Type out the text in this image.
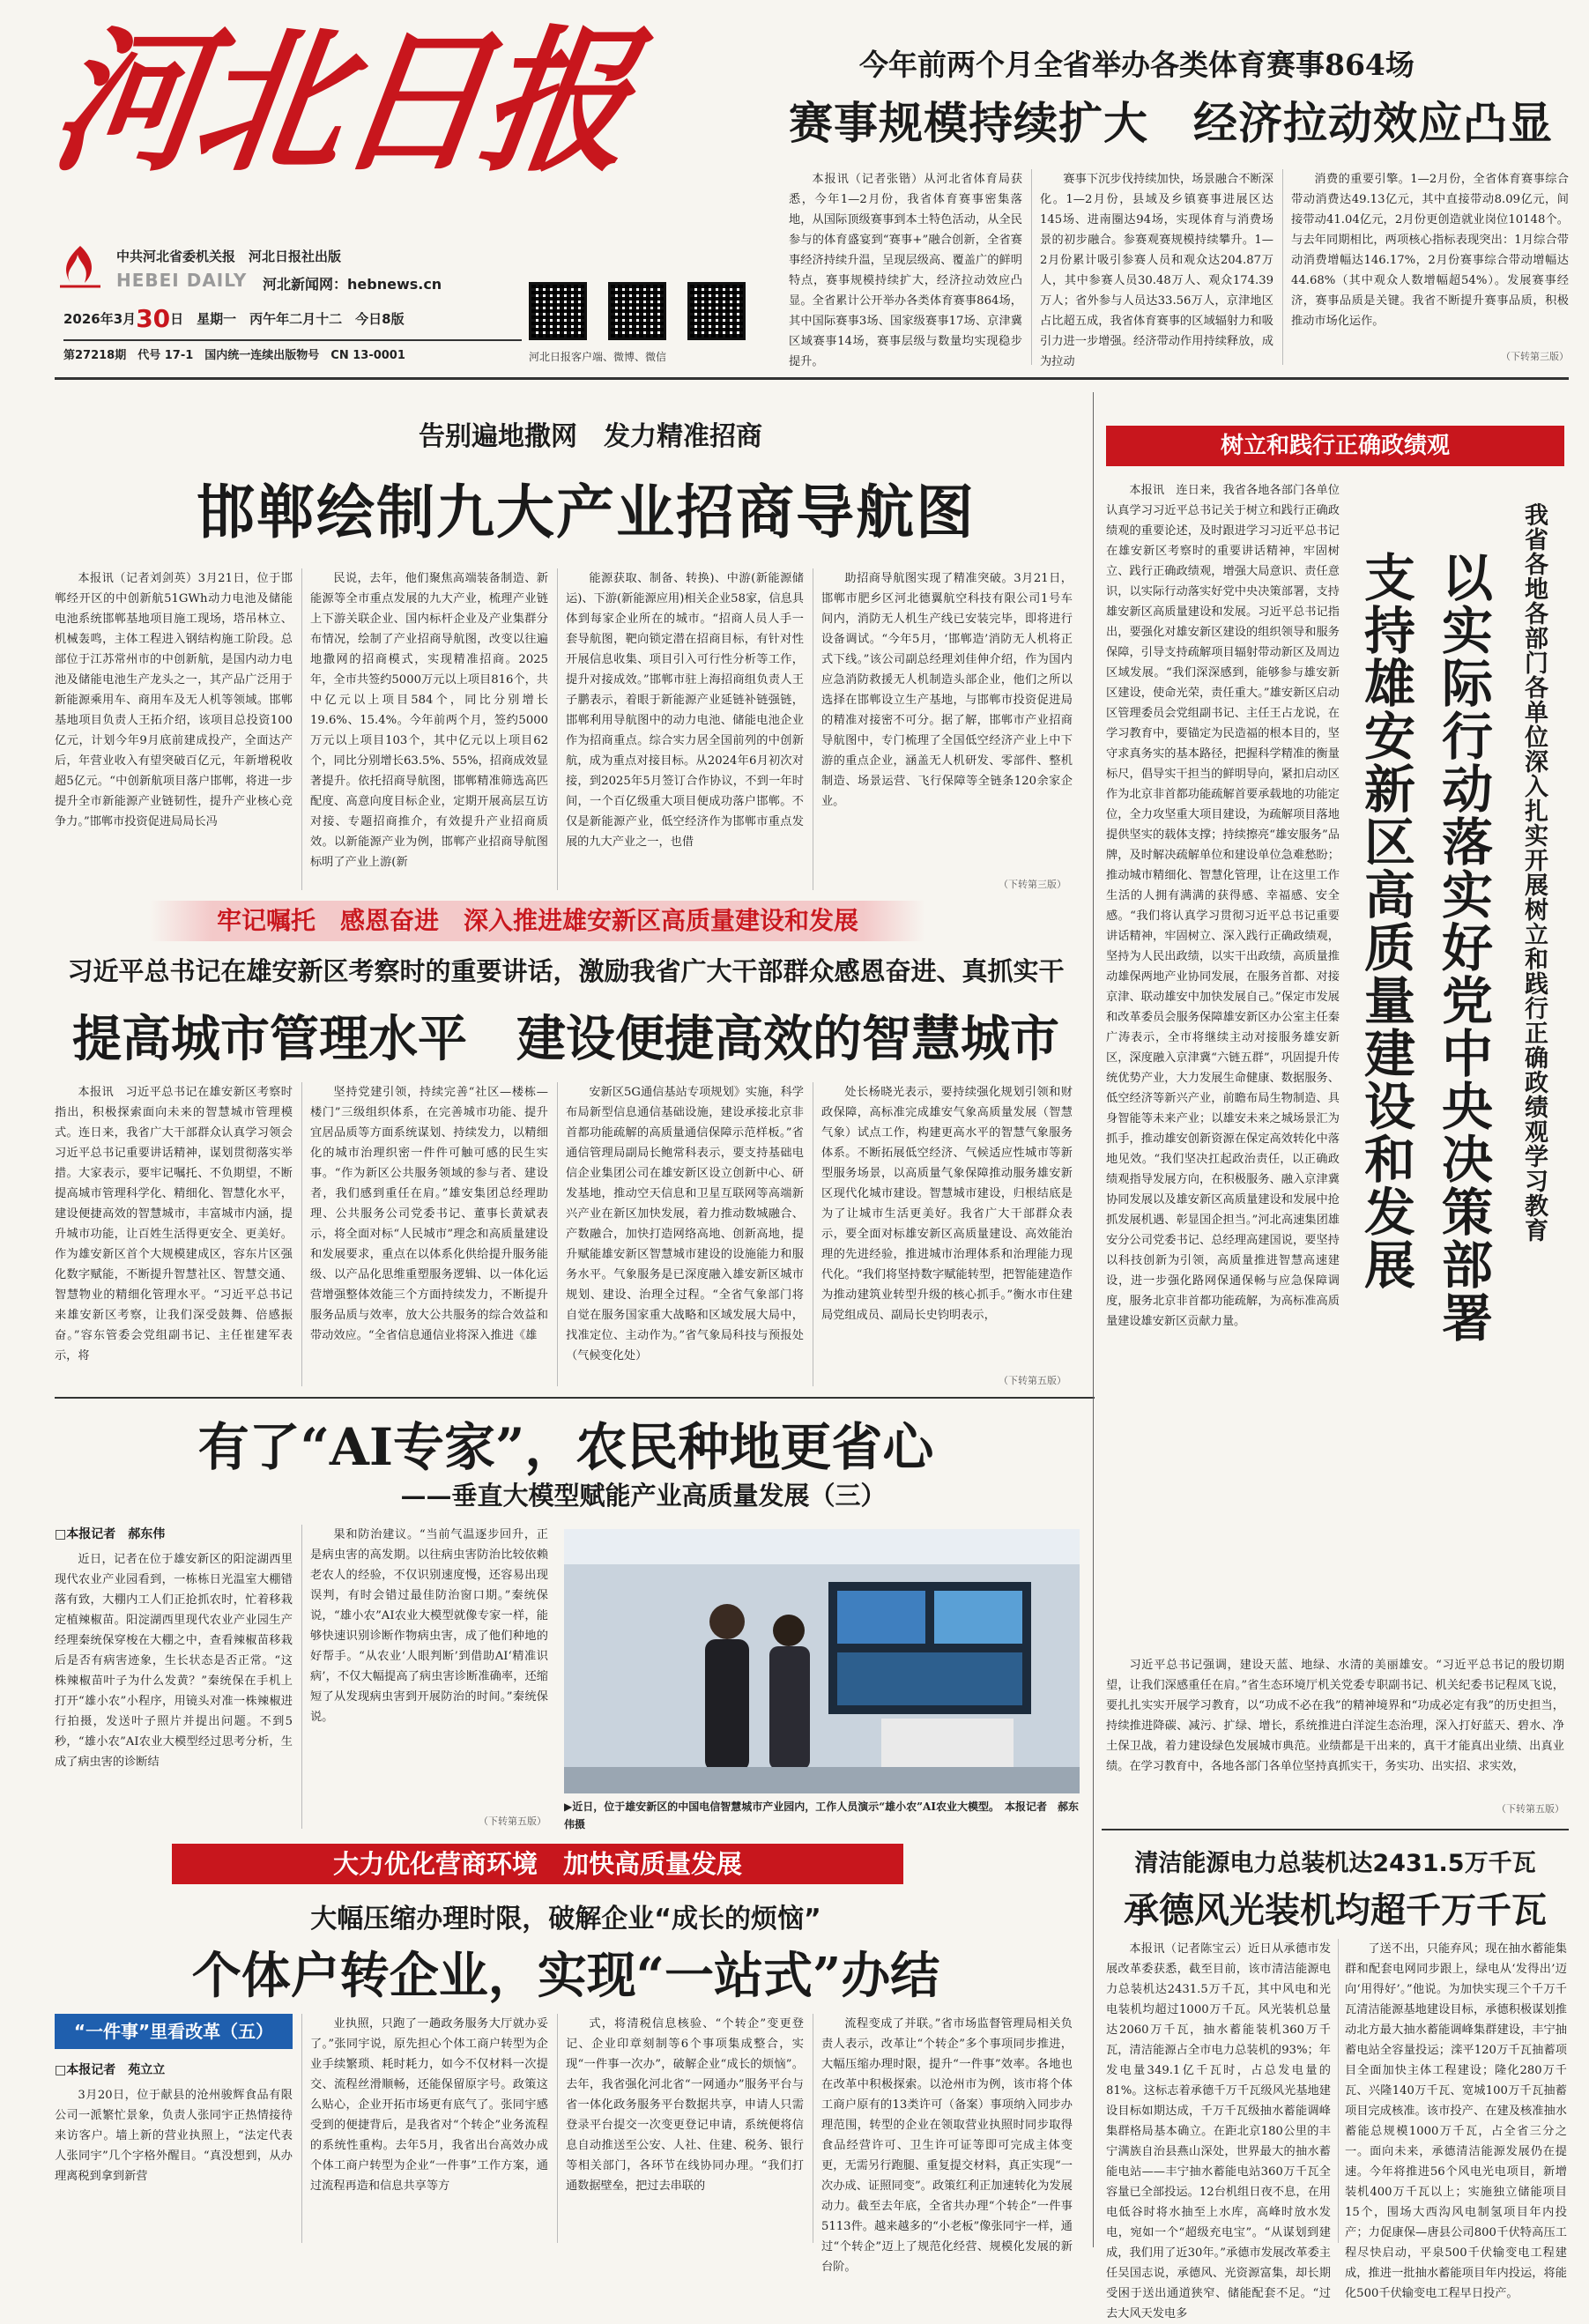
河北日报
中共河北省委机关报　河北日报社出版
HEBEI DAILY	河北新闻网：hebnews.cn
2026年3月30日　星期一　丙午年二月十二　今日8版
第27218期　代号 17-1　国内统一连续出版物号　CN 13-0001	河北日报客户端、微博、微信
今年前两个月全省举办各类体育赛事864场
赛事规模持续扩大　经济拉动效应凸显
本报讯（记者张锴）从河北省体育局获悉，今年1—2月份，我省体育赛事密集落地，从国际顶级赛事到本土特色活动，从全民参与的体育盛宴到“赛事+”融合创新，全省赛事经济持续升温，呈现层级高、覆盖广的鲜明特点，赛事规模持续扩大，经济拉动效应凸显。全省累计公开举办各类体育赛事864场，其中国际赛事3场、国家级赛事17场、京津冀区域赛事14场，赛事层级与数量均实现稳步提升。
赛事下沉步伐持续加快，场景融合不断深化。1—2月份，县域及乡镇赛事进展区达145场、进南圈达94场，实现体育与消费场景的初步融合。参赛观赛规模持续攀升。1—2月份累计吸引参赛人员和观众达204.87万人，其中参赛人员30.48万人、观众174.39万人；省外参与人员达33.56万人，京津地区占比超五成，我省体育赛事的区域辐射力和吸引力进一步增强。经济带动作用持续释放，成为拉动
消费的重要引擎。1—2月份，全省体育赛事综合带动消费达49.13亿元，其中直接带动8.09亿元，间接带动41.04亿元，2月份更创造就业岗位10148个。与去年同期相比，两项核心指标表现突出：1月综合带动消费增幅达146.17%，2月份赛事综合带动增幅达44.68%（其中观众人数增幅超54%）。发展赛事经济，赛事品质是关键。我省不断提升赛事品质，积极推动市场化运作。
（下转第三版）
告别遍地撒网　发力精准招商
邯郸绘制九大产业招商导航图
本报讯（记者刘剑英）3月21日，位于邯郸经开区的中创新航51GWh动力电池及储能电池系统邯郸基地项目施工现场，塔吊林立、机械轰鸣，主体工程进入钢结构施工阶段。总部位于江苏常州市的中创新航，是国内动力电池及储能电池生产龙头之一，其产品广泛用于新能源乘用车、商用车及无人机等领域。邯郸基地项目负责人王拓介绍，该项目总投资100亿元，计划今年9月底前建成投产，全面达产后，年营业收入有望突破百亿元，年新增税收超5亿元。“中创新航项目落户邯郸，将进一步提升全市新能源产业链韧性，提升产业核心竞争力。”邯郸市投资促进局局长冯
民说，去年，他们聚焦高端装备制造、新能源等全市重点发展的九大产业，梳理产业链上下游关联企业、国内标杆企业及产业集群分布情况，绘制了产业招商导航图，改变以往遍地撒网的招商模式，实现精准招商。2025年，全市共签约5000万元以上项目816个，共中亿元以上项目584个，同比分别增长19.6%、15.4%。今年前两个月，签约5000万元以上项目103个，其中亿元以上项目62个，同比分别增长63.5%、55%，招商成效显著提升。依托招商导航图，邯郸精准筛选高匹配度、高意向度目标企业，定期开展高层互访对接、专题招商推介，有效提升产业招商质效。以新能源产业为例，邯郸产业招商导航图标明了产业上游(新
能源获取、制备、转换)、中游(新能源储运)、下游(新能源应用)相关企业58家，信息具体到每家企业所在的城市。“招商人员人手一套导航图，靶向锁定潜在招商目标，有针对性开展信息收集、项目引入可行性分析等工作，提升对接成效。”邯郸市驻上海招商组负责人王子鹏表示，着眼于新能源产业延链补链强链，邯郸利用导航图中的动力电池、储能电池企业作为招商重点。综合实力居全国前列的中创新航，成为重点对接目标。从2024年6月初次对接，到2025年5月签订合作协议，不到一年时间，一个百亿级重大项目便成功落户邯郸。不仅是新能源产业，低空经济作为邯郸市重点发展的九大产业之一，也借
助招商导航图实现了精准突破。3月21日，邯郸市肥乡区河北德翼航空科技有限公司1号车间内，消防无人机生产线已安装完毕，即将进行设备调试。“今年5月，‘邯郸造’消防无人机将正式下线。”该公司副总经理刘佳伸介绍，作为国内应急消防救援无人机制造头部企业，他们之所以选择在邯郸设立生产基地，与邯郸市投资促进局的精准对接密不可分。据了解，邯郸市产业招商导航图中，专门梳理了全国低空经济产业上中下游的重点企业，涵盖无人机研发、零部件、整机制造、场景运营、飞行保障等全链条120余家企业。
（下转第三版）
牢记嘱托　感恩奋进　深入推进雄安新区高质量建设和发展
习近平总书记在雄安新区考察时的重要讲话，激励我省广大干部群众感恩奋进、真抓实干
提高城市管理水平　建设便捷高效的智慧城市
本报讯　习近平总书记在雄安新区考察时指出，积极探索面向未来的智慧城市管理模式。连日来，我省广大干部群众认真学习领会习近平总书记重要讲话精神，谋划贯彻落实举措。大家表示，要牢记嘱托、不负期望，不断提高城市管理科学化、精细化、智慧化水平，建设便捷高效的智慧城市，丰富城市内涵，提升城市功能，让百姓生活得更安全、更美好。作为雄安新区首个大规模建成区，容东片区强化数字赋能，不断提升智慧社区、智慧交通、智慧物业的精细化管理水平。“习近平总书记来雄安新区考察，让我们深受鼓舞、倍感振奋。”容东管委会党组副书记、主任崔建军表示，将
坚持党建引领，持续完善“社区—楼栋—楼门”三级组织体系，在完善城市功能、提升宜居品质等方面系统谋划、持续发力，以精细化的城市治理织密一件件可触可感的民生实事。“作为新区公共服务领域的参与者、建设者，我们感到重任在肩。”雄安集团总经理助理、公共服务公司党委书记、董事长黄斌表示，将全面对标“人民城市”理念和高质量建设和发展要求，重点在以体系化供给提升服务能级、以产品化思维重塑服务逻辑、以一体化运营增强整体效能三个方面持续发力，不断提升服务品质与效率，放大公共服务的综合效益和带动效应。“全省信息通信业将深入推进《雄
安新区5G通信基站专项规划》实施，科学布局新型信息通信基础设施，建设承接北京非首都功能疏解的高质量通信保障示范样板。”省通信管理局副局长鲍常科表示，要支持基础电信企业集团公司在雄安新区设立创新中心、研发基地，推动空天信息和卫星互联网等高端新兴产业在新区加快发展，着力推动数城融合、产数融合，加快打造网络高地、创新高地，提升赋能雄安新区智慧城市建设的设施能力和服务水平。气象服务是已深度融入雄安新区城市规划、建设、治理全过程。“全省气象部门将自觉在服务国家重大战略和区域发展大局中，找准定位、主动作为。”省气象局科技与预报处（气候变化处）
处长杨晓光表示，要持续强化规划引领和财政保障，高标准完成雄安气象高质量发展（智慧气象）试点工作，构建更高水平的智慧气象服务体系。不断拓展低空经济、气候适应性城市等新型服务场景，以高质量气象保障推动服务雄安新区现代化城市建设。智慧城市建设，归根结底是为了让城市生活更美好。我省广大干部群众表示，要全面对标雄安新区高质量建设、高效能治理的先进经验，推进城市治理体系和治理能力现代化。“我们将坚持数字赋能转型，把智能建造作为推动建筑业转型升级的核心抓手。”衡水市住建局党组成员、副局长史钧明表示，
（下转第五版）
有了“AI专家”，农民种地更省心
——垂直大模型赋能产业高质量发展（三）
□本报记者　郝东伟
近日，记者在位于雄安新区的阳淀湖西里现代农业产业园看到，一栋栋日光温室大棚错落有致，大棚内工人们正抢抓农时，忙着移栽定植辣椒苗。阳淀湖西里现代农业产业园生产经理秦统保穿梭在大棚之中，查看辣椒苗移栽后是否有病害迹象，生长状态是否正常。“这株辣椒苗叶子为什么发黄？”秦统保在手机上打开“雄小农”小程序，用镜头对准一株辣椒进行拍摄，发送叶子照片并提出问题。不到5秒，“雄小农”AI农业大模型经过思考分析，生成了病虫害的诊断结
果和防治建议。“当前气温逐步回升，正是病虫害的高发期。以往病虫害防治比较依赖老农人的经验，不仅识别速度慢，还容易出现误判，有时会错过最佳防治窗口期。”秦统保说，“雄小农”AI农业大模型就像专家一样，能够快速识别诊断作物病虫害，成了他们种地的好帮手。“从农业‘人眼判断’到借助AI‘精准识病’，不仅大幅提高了病虫害诊断准确率，还缩短了从发现病虫害到开展防治的时间。”秦统保说。
（下转第五版）
▶近日，位于雄安新区的中国电信智慧城市产业园内，工作人员演示“雄小农”AI农业大模型。　本报记者　郝东伟摄
大力优化营商环境　加快高质量发展
大幅压缩办理时限，破解企业“成长的烦恼”
个体户转企业，实现“一站式”办结
“一件事”里看改革（五）
□本报记者　苑立立
3月20日，位于献县的沧州骏辉食品有限公司一派繁忙景象，负责人张同宇正热情接待来访客户。墙上新的营业执照上，“法定代表人张同宇”几个字格外醒目。“真没想到，从办理离税到拿到新营
业执照，只跑了一趟政务服务大厅就办妥了。”张同宇说，原先担心个体工商户转型为企业手续繁琐、耗时耗力，如今不仅材料一次提交、流程丝滑顺畅，还能保留原字号。政策这么贴心，企业开拓市场更有底气了。张同宇感受到的便捷背后，是我省对“个转企”业务流程的系统性重构。去年5月，我省出台高效办成个体工商户转型为企业“一件事”工作方案，通过流程再造和信息共享等方
式，将清税信息核验、“个转企”变更登记、企业印章刻制等6个事项集成整合，实现“一件事一次办”，破解企业“成长的烦恼”。去年，我省强化河北省“一网通办”服务平台与省一体化政务服务平台数据共享，申请人只需登录平台提交一次变更登记申请，系统便将信息自动推送至公安、人社、住建、税务、银行等相关部门，各环节在线协同办理。“我们打通数据壁垒，把过去串联的
流程变成了并联。”省市场监督管理局相关负责人表示，改革让“个转企”多个事项同步推进，大幅压缩办理时限，提升“一件事”效率。各地也在改革中积极探索。以沧州市为例，该市将个体工商户原有的13类许可（备案）事项纳入同步办理范围，转型的企业在领取营业执照时同步取得食品经营许可、卫生许可证等即可完成主体变更，无需另行跑腿、重复提交材料，真正实现“一次办成、证照同变”。政策红利正加速转化为发展动力。截至去年底，全省共办理“个转企”一件事5113件。越来越多的“小老板”像张同宇一样，通过“个转企”迈上了规范化经营、规模化发展的新台阶。
树立和践行正确政绩观
本报讯　连日来，我省各地各部门各单位认真学习习近平总书记关于树立和践行正确政绩观的重要论述，及时跟进学习习近平总书记在雄安新区考察时的重要讲话精神，牢固树立、践行正确政绩观，增强大局意识、责任意识，以实际行动落实好党中央决策部署，支持雄安新区高质量建设和发展。习近平总书记指出，要强化对雄安新区建设的组织领导和服务保障，引导支持疏解项目辐射带动新区及周边区域发展。“我们深深感到，能够参与雄安新区建设，使命光荣，责任重大。”雄安新区启动区管理委员会党组副书记、主任王占龙说，在学习教育中，要锚定为民造福的根本目的，坚守求真务实的基本路径，把握科学精准的衡量标尺，倡导实干担当的鲜明导向，紧扣启动区作为北京非首都功能疏解首要承载地的功能定位，全力攻坚重大项目建设，为疏解项目落地提供坚实的载体支撑；持续擦亮“雄安服务”品牌，及时解决疏解单位和建设单位急难愁盼；推动城市精细化、智慧化管理，让在这里工作生活的人拥有满满的获得感、幸福感、安全感。“我们将认真学习贯彻习近平总书记重要讲话精神，牢固树立、深入践行正确政绩观，坚持为人民出政绩，以实干出政绩，高质量推动雄保两地产业协同发展，在服务首都、对接京津、联动雄安中加快发展自己。”保定市发展和改革委员会服务保障雄安新区办公室主任秦广涛表示，全市将继续主动对接服务雄安新区，深度融入京津冀“六链五群”，巩固提升传统优势产业，大力发展生命健康、数据服务、低空经济等新兴产业，前瞻布局生物制造、具身智能等未来产业；以雄安未来之城场景汇为抓手，推动雄安创新资源在保定高效转化中落地见效。“我们坚决扛起政治责任，以正确政绩观指导发展方向，在积极服务、融入京津冀协同发展以及雄安新区高质量建设和发展中抢抓发展机遇、彰显国企担当。”河北高速集团雄安分公司党委书记、总经理高建国说，要坚持以科技创新为引领，高质量推进智慧高速建设，进一步强化路网保通保畅与应急保障调度，服务北京非首都功能疏解，为高标准高质量建设雄安新区贡献力量。
我省各地各部门各单位深入扎实开展树立和践行正确政绩观学习教育
以实际行动落实好党中央决策部署
支持雄安新区高质量建设和发展
习近平总书记强调，建设天蓝、地绿、水清的美丽雄安。“习近平总书记的殷切期望，让我们深感重任在肩。”省生态环境厅机关党委专职副书记、机关纪委书记程凤飞说，要扎扎实实开展学习教育，以“功成不必在我”的精神境界和“功成必定有我”的历史担当，持续推进降碳、减污、扩绿、增长，系统推进白洋淀生态治理，深入打好蓝天、碧水、净土保卫战，着力建设绿色发展城市典范。业绩都是干出来的，真干才能真出业绩、出真业绩。在学习教育中，各地各部门各单位坚持真抓实干，务实功、出实招、求实效，
（下转第五版）
清洁能源电力总装机达2431.5万千瓦
承德风光装机均超千万千瓦
本报讯（记者陈宝云）近日从承德市发展改革委获悉，截至目前，该市清洁能源电力总装机达2431.5万千瓦，其中风电和光电装机均超过1000万千瓦。风光装机总量达2060万千瓦，抽水蓄能装机360万千瓦，清洁能源占全市电力总装机的93%；年发电量349.1亿千瓦时，占总发电量的81%。这标志着承德千万千瓦级风光基地建设目标如期达成，千万千瓦级抽水蓄能调峰集群格局基本确立。在距北京180公里的丰宁满族自治县燕山深处，世界最大的抽水蓄能电站——丰宁抽水蓄能电站360万千瓦全容量已全部投运。12台机组日夜不息，在用电低谷时将水抽至上水库，高峰时放水发电，宛如一个“超级充电宝”。“从谋划到建成，我们用了近30年。”承德市发展改革委主任吴国志说，承德风、光资源富集，却长期受困于送出通道狭窄、储能配套不足。“过去大风天发电多
了送不出，只能弃风；现在抽水蓄能集群和配套电网同步跟上，绿电从‘发得出’迈向‘用得好’。”他说。为加快实现三个千万千瓦清洁能源基地建设目标，承德积极谋划推动北方最大抽水蓄能调峰集群建设，丰宁抽蓄电站全容量投运；滦平120万千瓦抽蓄项目全面加快主体工程建设；隆化280万千瓦、兴隆140万千瓦、宽城100万千瓦抽蓄项目完成核准。该市投产、在建及核准抽水蓄能总规模1000万千瓦，占全省三分之一。面向未来，承德清洁能源发展仍在提速。今年将推进56个风电光电项目，新增装机400万千瓦以上；实施独立储能项目15个，围场大西沟风电制氢项目年内投产；力促康保—唐县公司800千伏特高压工程尽快启动，平泉500千伏输变电工程建成，推进一批抽水蓄能项目年内投运，将能化500千伏输变电工程早日投产。
